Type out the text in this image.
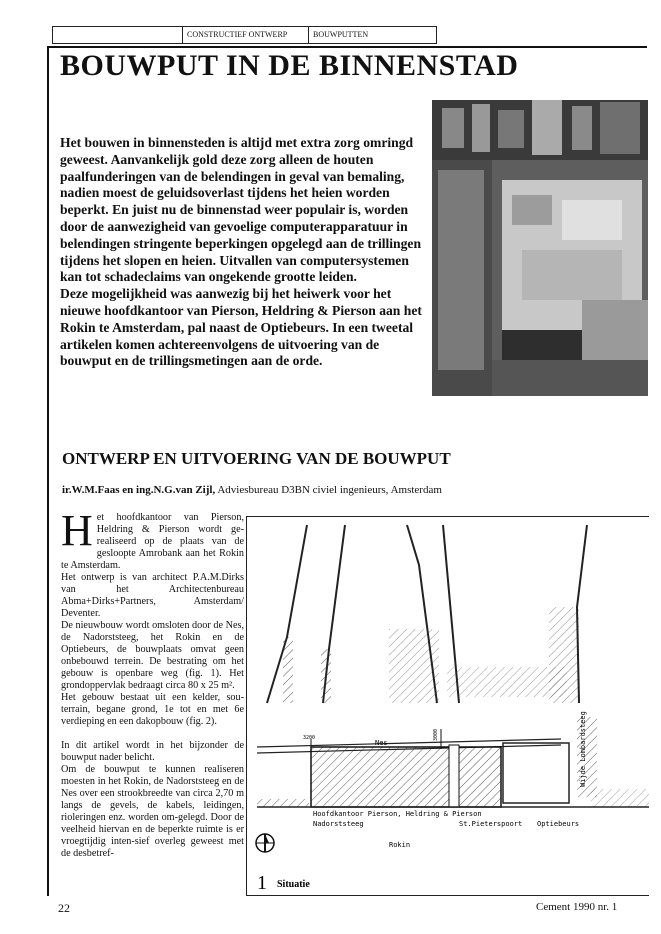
CONSTRUCTIEF ONTWERP	BOUWPUTTEN
BOUWPUT IN DE BINNENSTAD

Het bouwen in binnensteden is altijd met extra zorg omringd geweest. Aanvankelijk gold deze zorg alleen de houten paalfunderingen van de belendingen in geval van bemaling, nadien moest de geluidsoverlast tijdens het heien worden beperkt. En juist nu de binnenstad weer populair is, worden door de aanwezigheid van gevoelige computerapparatuur in belendingen stringente beperkingen opgelegd aan de trillingen tijdens het slopen en heien. Uitvallen van computersystemen kan tot schadeclaims van ongekende grootte leiden.

Deze mogelijkheid was aanwezig bij het heiwerk voor het nieuwe hoofdkantoor van Pierson, Heldring & Pierson aan het Rokin te Amsterdam, pal naast de Optiebeurs. In een tweetal artikelen komen achtereenvolgens de uitvoering van de bouwput en de trillingsmetingen aan de orde.

ONTWERP EN UITVOERING VAN DE BOUWPUT
ir.W.M.Faas en ing.N.G.van Zijl, Adviesbureau D3BN civiel ingenieurs, Amsterdam

Het hoofdkantoor van Pierson, Heldring & Pierson wordt ge-realiseerd op de plaats van de gesloopte Amrobank aan het Rokin te Amsterdam.

Het ontwerp is van architect P.A.M.Dirks van het Architectenbureau Abma+Dirks+Partners, Amsterdam/ Deventer.

De nieuwbouw wordt omsloten door de Nes, de Nadorststeeg, het Rokin en de Optiebeurs, de bouwplaats omvat geen onbebouwd terrein. De bestrating om het gebouw is openbare weg (fig. 1). Het grondoppervlak bedraagt circa 80 x 25 m².

Het gebouw bestaat uit een kelder, sou-terrain, begane grond, 1e tot en met 6e verdieping en een dakopbouw (fig. 2).

In dit artikel wordt in het bijzonder de bouwput nader belicht.

Om de bouwput te kunnen realiseren moesten in het Rokin, de Nadorststeeg en de Nes over een strookbreedte van circa 2,70 m langs de gevels, de kabels, leidingen, rioleringen enz. worden om-gelegd. Door de veelheid hiervan en de beperkte ruimte is er vroegtijdig inten-sief overleg geweest met de desbetref-

Nes
3200	3000
Hoofdkantoor Pierson, Heldring & Pierson
Nadorststeeg	St.Pieterspoort Optiebeurs
Rokin
Wijde Lombardsteeg
1 Situatie
22	Cement 1990 nr. 1
